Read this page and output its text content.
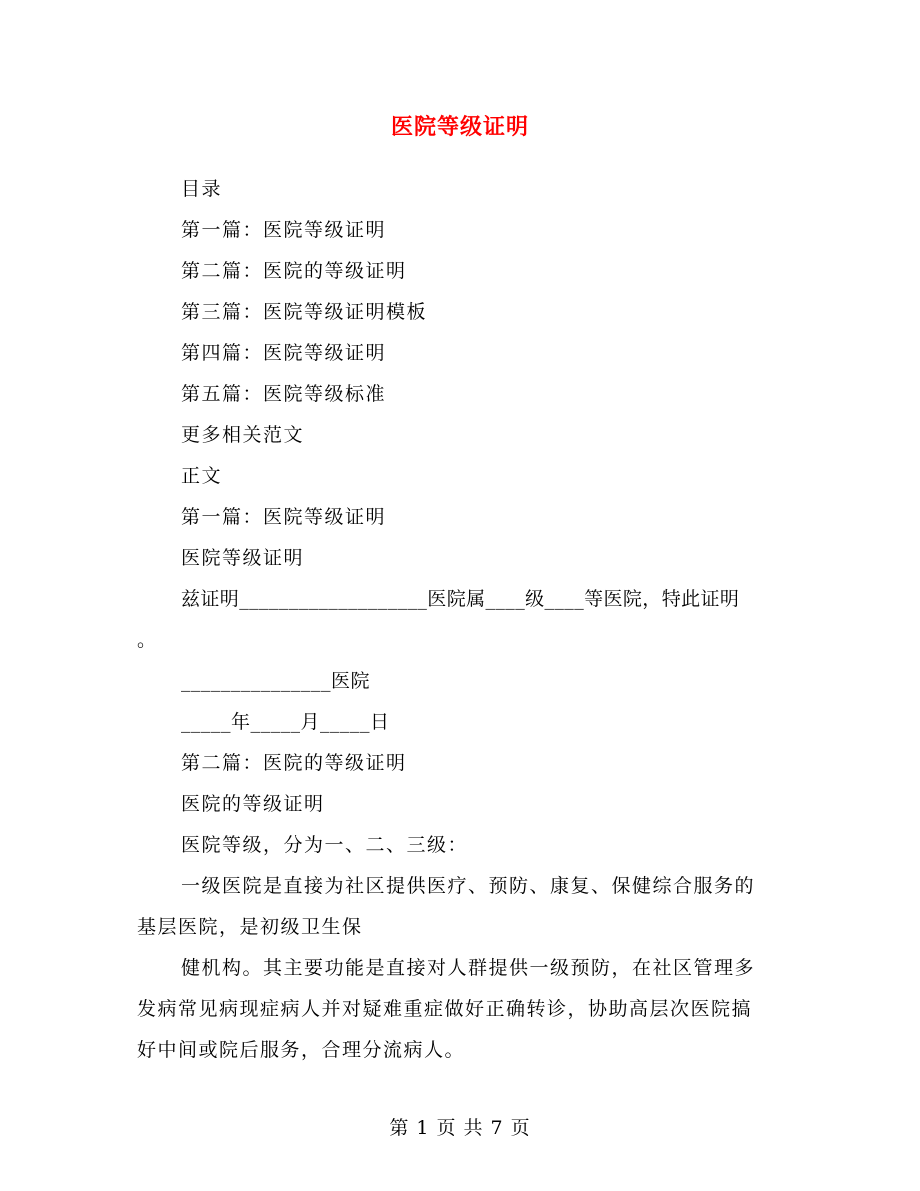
医院等级证明
目录
第一篇：医院等级证明
第二篇：医院的等级证明
第三篇：医院等级证明模板
第四篇：医院等级证明
第五篇：医院等级标准
更多相关范文
正文
第一篇：医院等级证明
医院等级证明
兹证明___________________医院属____级____等医院，特此证明
。
_______________医院
_____年_____月_____日
第二篇：医院的等级证明
医院的等级证明
医院等级，分为一、二、三级：
一级医院是直接为社区提供医疗、预防、康复、保健综合服务的
基层医院，是初级卫生保
健机构。其主要功能是直接对人群提供一级预防，在社区管理多
发病常见病现症病人并对疑难重症做好正确转诊，协助高层次医院搞
好中间或院后服务，合理分流病人。
第 1 页 共 7 页
